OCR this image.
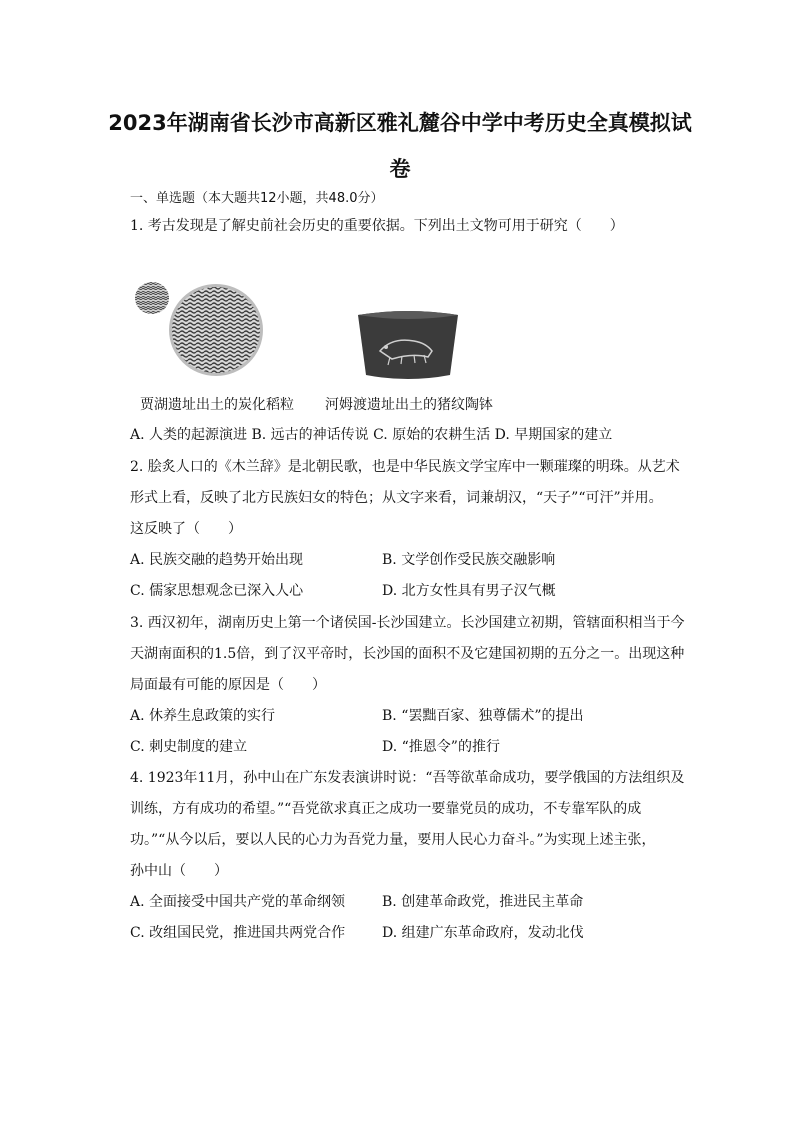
2023年湖南省长沙市高新区雅礼麓谷中学中考历史全真模拟试
卷
一、单选题（本大题共12小题，共48.0分）
1. 考古发现是了解史前社会历史的重要依据。下列出土文物可用于研究（　　）
贾湖遗址出土的炭化稻粒 河姆渡遗址出土的猪纹陶钵
A. 人类的起源演进 B. 远古的神话传说 C. 原始的农耕生活 D. 早期国家的建立
2. 脍炙人口的《木兰辞》是北朝民歌，也是中华民族文学宝库中一颗璀璨的明珠。从艺术
形式上看，反映了北方民族妇女的特色；从文字来看，词兼胡汉，“天子”“可汗”并用。
这反映了（　　）
A. 民族交融的趋势开始出现	B. 文学创作受民族交融影响
C. 儒家思想观念已深入人心	D. 北方女性具有男子汉气概
3. 西汉初年，湖南历史上第一个诸侯国-长沙国建立。长沙国建立初期，管辖面积相当于今
天湖南面积的1.5倍，到了汉平帝时，长沙国的面积不及它建国初期的五分之一。出现这种
局面最有可能的原因是（　　）
A. 休养生息政策的实行	B. “罢黜百家、独尊儒术”的提出
C. 刺史制度的建立	D. “推恩令”的推行
4. 1923年11月，孙中山在广东发表演讲时说：“吾等欲革命成功，要学俄国的方法组织及
训练，方有成功的希望。”“吾党欲求真正之成功一要靠党员的成功，不专靠军队的成
功。”“从今以后，要以人民的心力为吾党力量，要用人民心力奋斗。”为实现上述主张，
孙中山（　　）
A. 全面接受中国共产党的革命纲领	B. 创建革命政党，推进民主革命
C. 改组国民党，推进国共两党合作	D. 组建广东革命政府，发动北伐
